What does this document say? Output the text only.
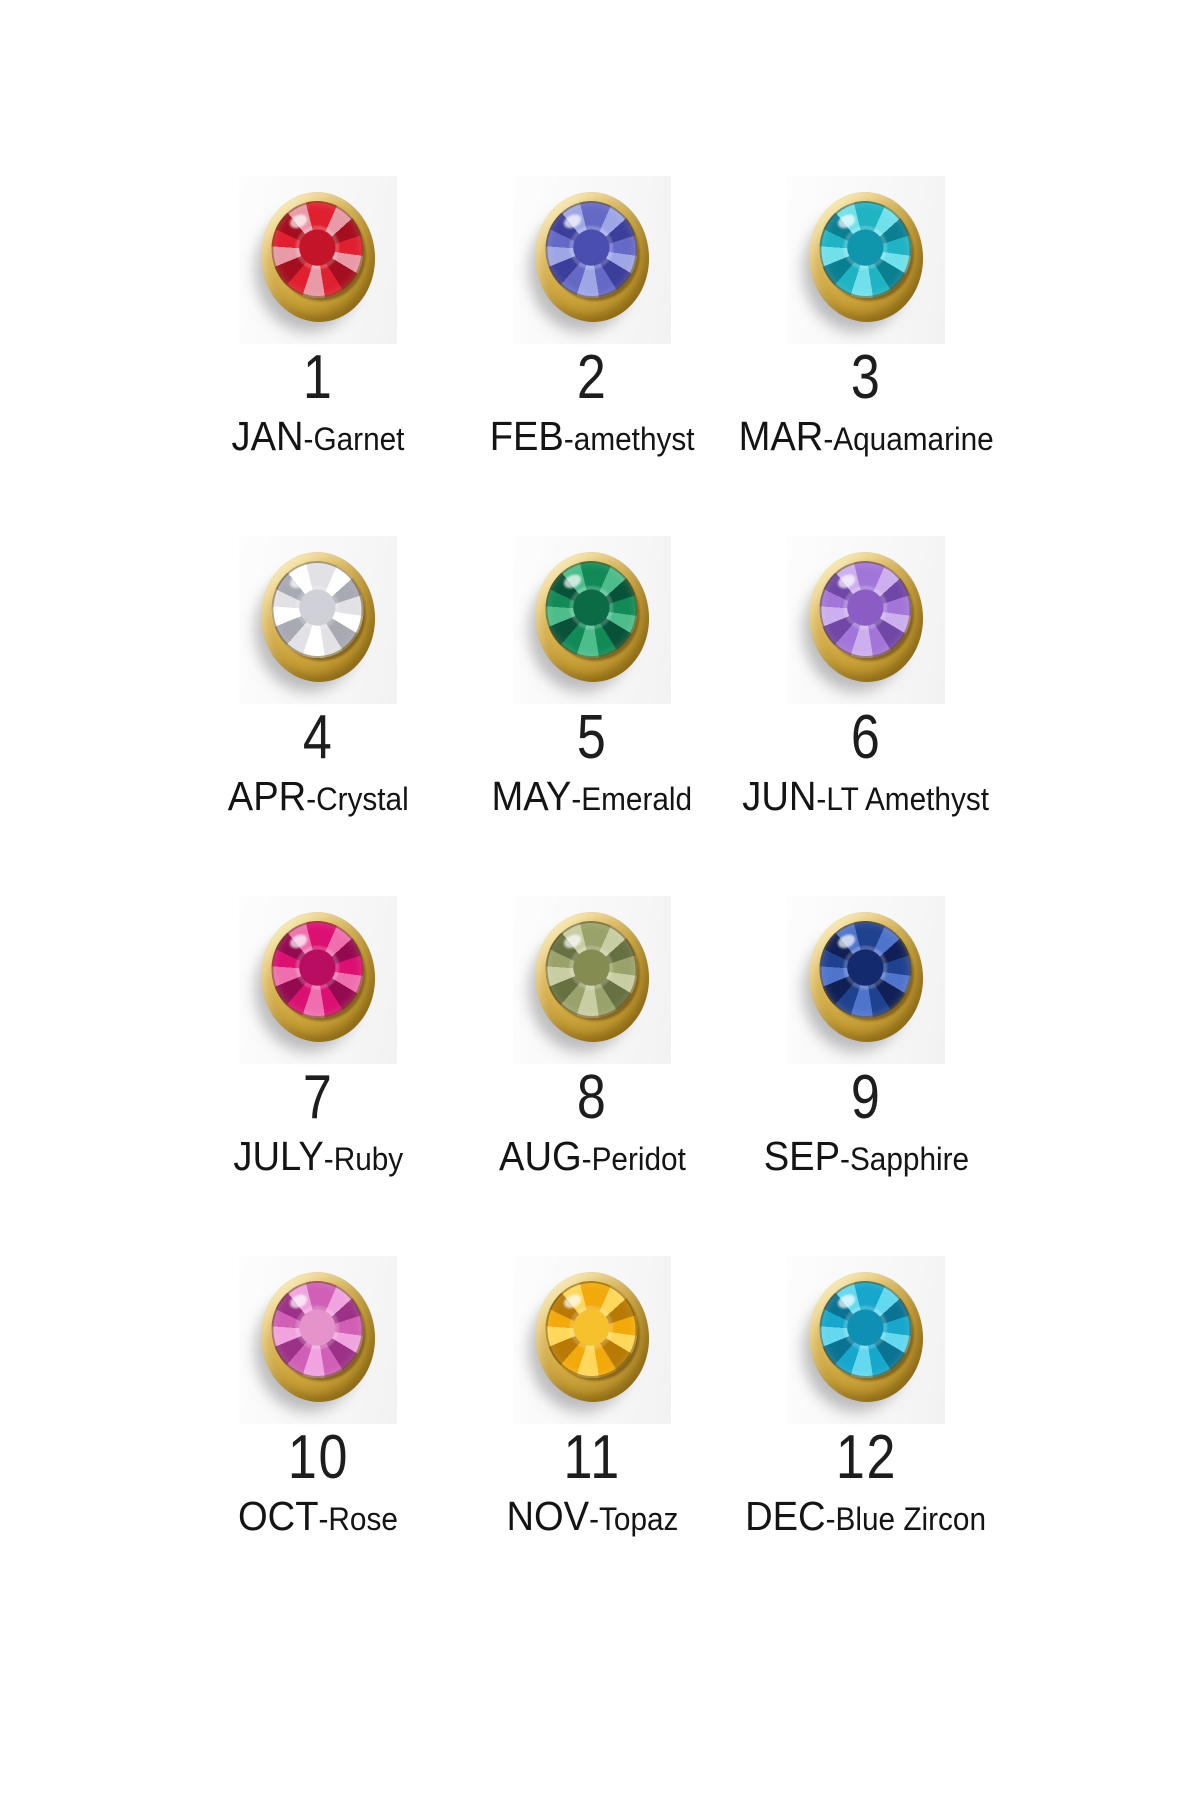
1
JAN-Garnet
2
FEB-amethyst
3
MAR-Aquamarine
4
APR-Crystal
5
MAY-Emerald
6
JUN-LT Amethyst
7
JULY-Ruby
8
AUG-Peridot
9
SEP-Sapphire
10
OCT-Rose
11
NOV-Topaz
12
DEC-Blue Zircon
